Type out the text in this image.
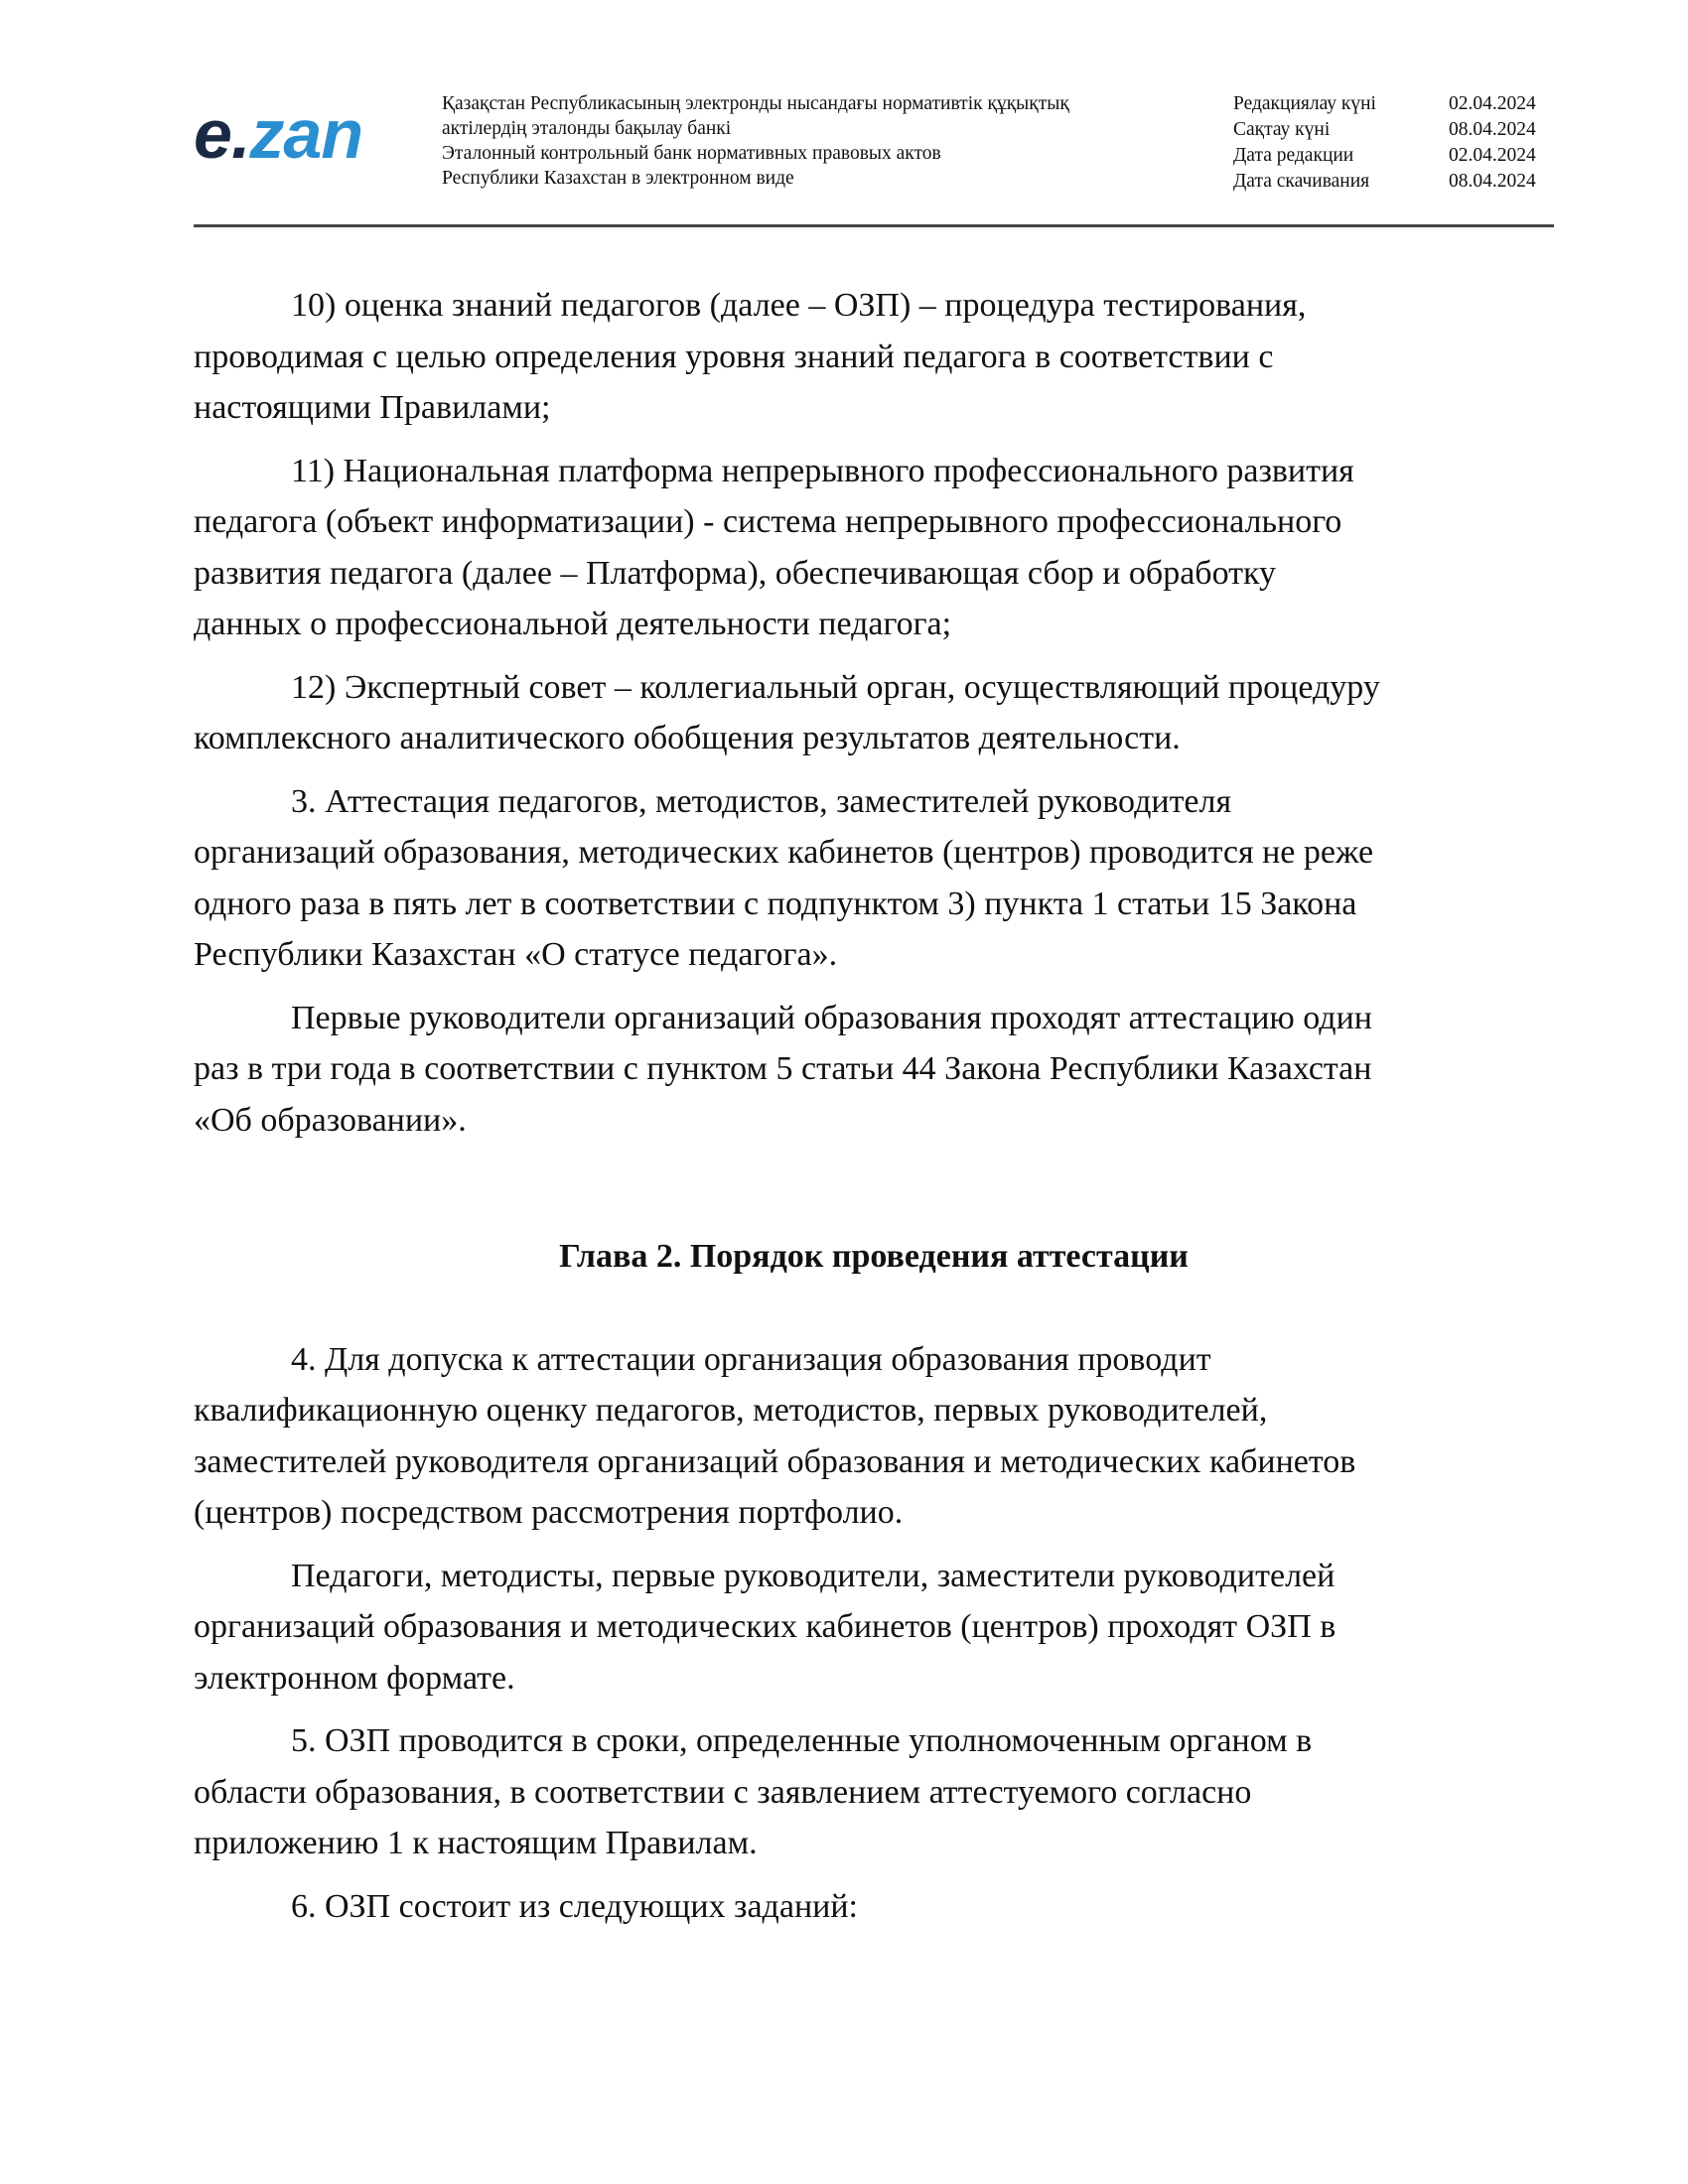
e.zan	Қазақстан Республикасының электронды нысандағы нормативтік құқықтық
актілердің эталонды бақылау банкі
Эталонный контрольный банк нормативных правовых актов
Республики Казахстан в электронном виде
Редакциялау күні	02.04.2024
Сақтау күні	08.04.2024
Дата редакции	02.04.2024
Дата скачивания	08.04.2024
10) оценка знаний педагогов (далее – ОЗП) – процедура тестирования,
проводимая с целью определения уровня знаний педагога в соответствии с
настоящими Правилами;
11) Национальная платформа непрерывного профессионального развития
педагога (объект информатизации) - система непрерывного профессионального
развития педагога (далее – Платформа), обеспечивающая сбор и обработку
данных о профессиональной деятельности педагога;
12) Экспертный совет – коллегиальный орган, осуществляющий процедуру
комплексного аналитического обобщения результатов деятельности.
3. Аттестация педагогов, методистов, заместителей руководителя
организаций образования, методических кабинетов (центров) проводится не реже
одного раза в пять лет в соответствии с подпунктом 3) пункта 1 статьи 15 Закона
Республики Казахстан «О статусе педагога».
Первые руководители организаций образования проходят аттестацию один
раз в три года в соответствии с пунктом 5 статьи 44 Закона Республики Казахстан
«Об образовании».
Глава 2. Порядок проведения аттестации
4. Для допуска к аттестации организация образования проводит
квалификационную оценку педагогов, методистов, первых руководителей,
заместителей руководителя организаций образования и методических кабинетов
(центров) посредством рассмотрения портфолио.
Педагоги, методисты, первые руководители, заместители руководителей
организаций образования и методических кабинетов (центров) проходят ОЗП в
электронном формате.
5. ОЗП проводится в сроки, определенные уполномоченным органом в
области образования, в соответствии с заявлением аттестуемого согласно
приложению 1 к настоящим Правилам.
6. ОЗП состоит из следующих заданий:
